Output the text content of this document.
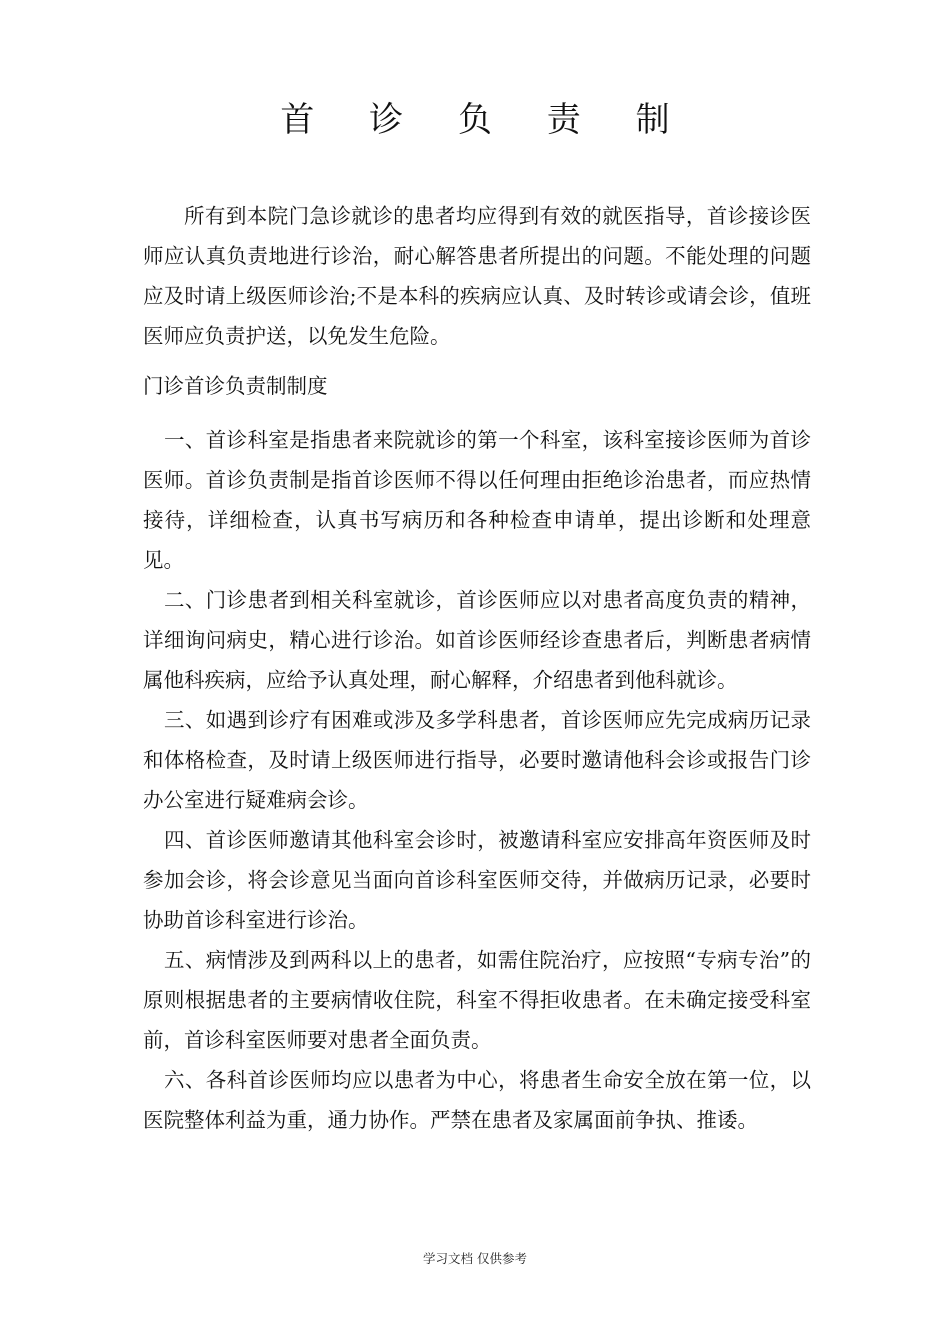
首 诊 负 责 制

所有到本院门急诊就诊的患者均应得到有效的就医指导，首诊接诊医师应认真负责地进行诊治，耐心解答患者所提出的问题。不能处理的问题应及时请上级医师诊治;不是本科的疾病应认真、及时转诊或请会诊，值班医师应负责护送，以免发生危险。

门诊首诊负责制制度

一、首诊科室是指患者来院就诊的第一个科室，该科室接诊医师为首诊医师。首诊负责制是指首诊医师不得以任何理由拒绝诊治患者，而应热情接待，详细检查，认真书写病历和各种检查申请单，提出诊断和处理意见。

二、门诊患者到相关科室就诊，首诊医师应以对患者高度负责的精神，详细询问病史，精心进行诊治。如首诊医师经诊查患者后，判断患者病情属他科疾病，应给予认真处理，耐心解释，介绍患者到他科就诊。

三、如遇到诊疗有困难或涉及多学科患者，首诊医师应先完成病历记录和体格检查，及时请上级医师进行指导，必要时邀请他科会诊或报告门诊办公室进行疑难病会诊。

四、首诊医师邀请其他科室会诊时，被邀请科室应安排高年资医师及时参加会诊，将会诊意见当面向首诊科室医师交待，并做病历记录，必要时协助首诊科室进行诊治。

五、病情涉及到两科以上的患者，如需住院治疗，应按照“专病专治”的原则根据患者的主要病情收住院，科室不得拒收患者。在未确定接受科室前，首诊科室医师要对患者全面负责。

六、各科首诊医师均应以患者为中心，将患者生命安全放在第一位，以医院整体利益为重，通力协作。严禁在患者及家属面前争执、推诿。

学习文档 仅供参考
